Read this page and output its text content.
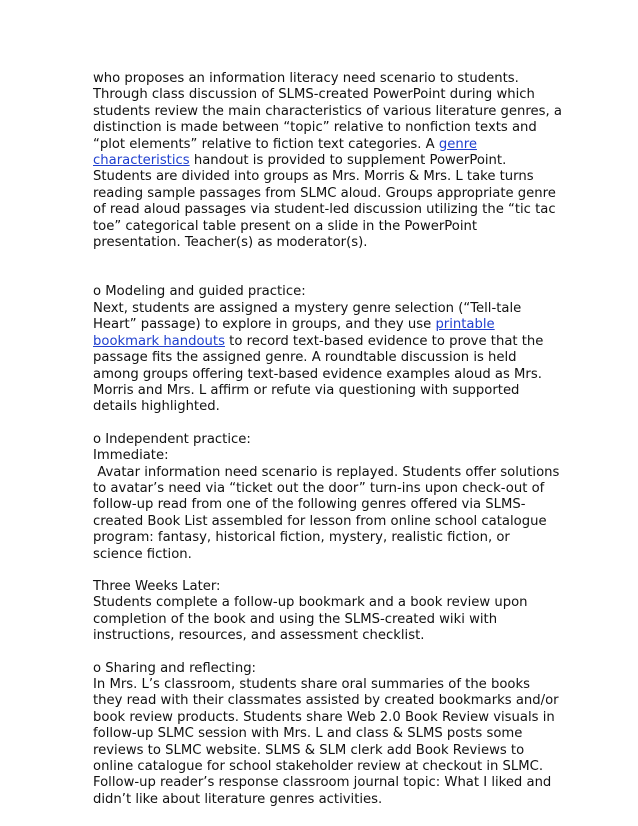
who proposes an information literacy need scenario to students. Through class discussion of SLMS-created PowerPoint during which students review the main characteristics of various literature genres, a distinction is made between “topic” relative to nonfiction texts and “plot elements” relative to fiction text categories. A genre characteristics handout is provided to supplement PowerPoint. Students are divided into groups as Mrs. Morris & Mrs. L take turns reading sample passages from SLMC aloud. Groups appropriate genre of read aloud passages via student-led discussion utilizing the “tic tac toe” categorical table present on a slide in the PowerPoint presentation. Teacher(s) as moderator(s).

o Modeling and guided practice:

Next, students are assigned a mystery genre selection (“Tell-tale Heart” passage) to explore in groups, and they use printable bookmark handouts to record text-based evidence to prove that the passage fits the assigned genre. A roundtable discussion is held among groups offering text-based evidence examples aloud as Mrs. Morris and Mrs. L affirm or refute via questioning with supported details highlighted.

o Independent practice:

Immediate:

Avatar information need scenario is replayed. Students offer solutions to avatar’s need via “ticket out the door” turn-ins upon check-out of follow-up read from one of the following genres offered via SLMS-created Book List assembled for lesson from online school catalogue program: fantasy, historical fiction, mystery, realistic fiction, or science fiction.

Three Weeks Later:

Students complete a follow-up bookmark and a book review upon completion of the book and using the SLMS-created wiki with instructions, resources, and assessment checklist.

o Sharing and reflecting:

In Mrs. L’s classroom, students share oral summaries of the books they read with their classmates assisted by created bookmarks and/or book review products. Students share Web 2.0 Book Review visuals in follow-up SLMC session with Mrs. L and class & SLMS posts some reviews to SLMC website. SLMS & SLM clerk add Book Reviews to online catalogue for school stakeholder review at checkout in SLMC. Follow-up reader’s response classroom journal topic: What I liked and didn’t like about literature genres activities.
